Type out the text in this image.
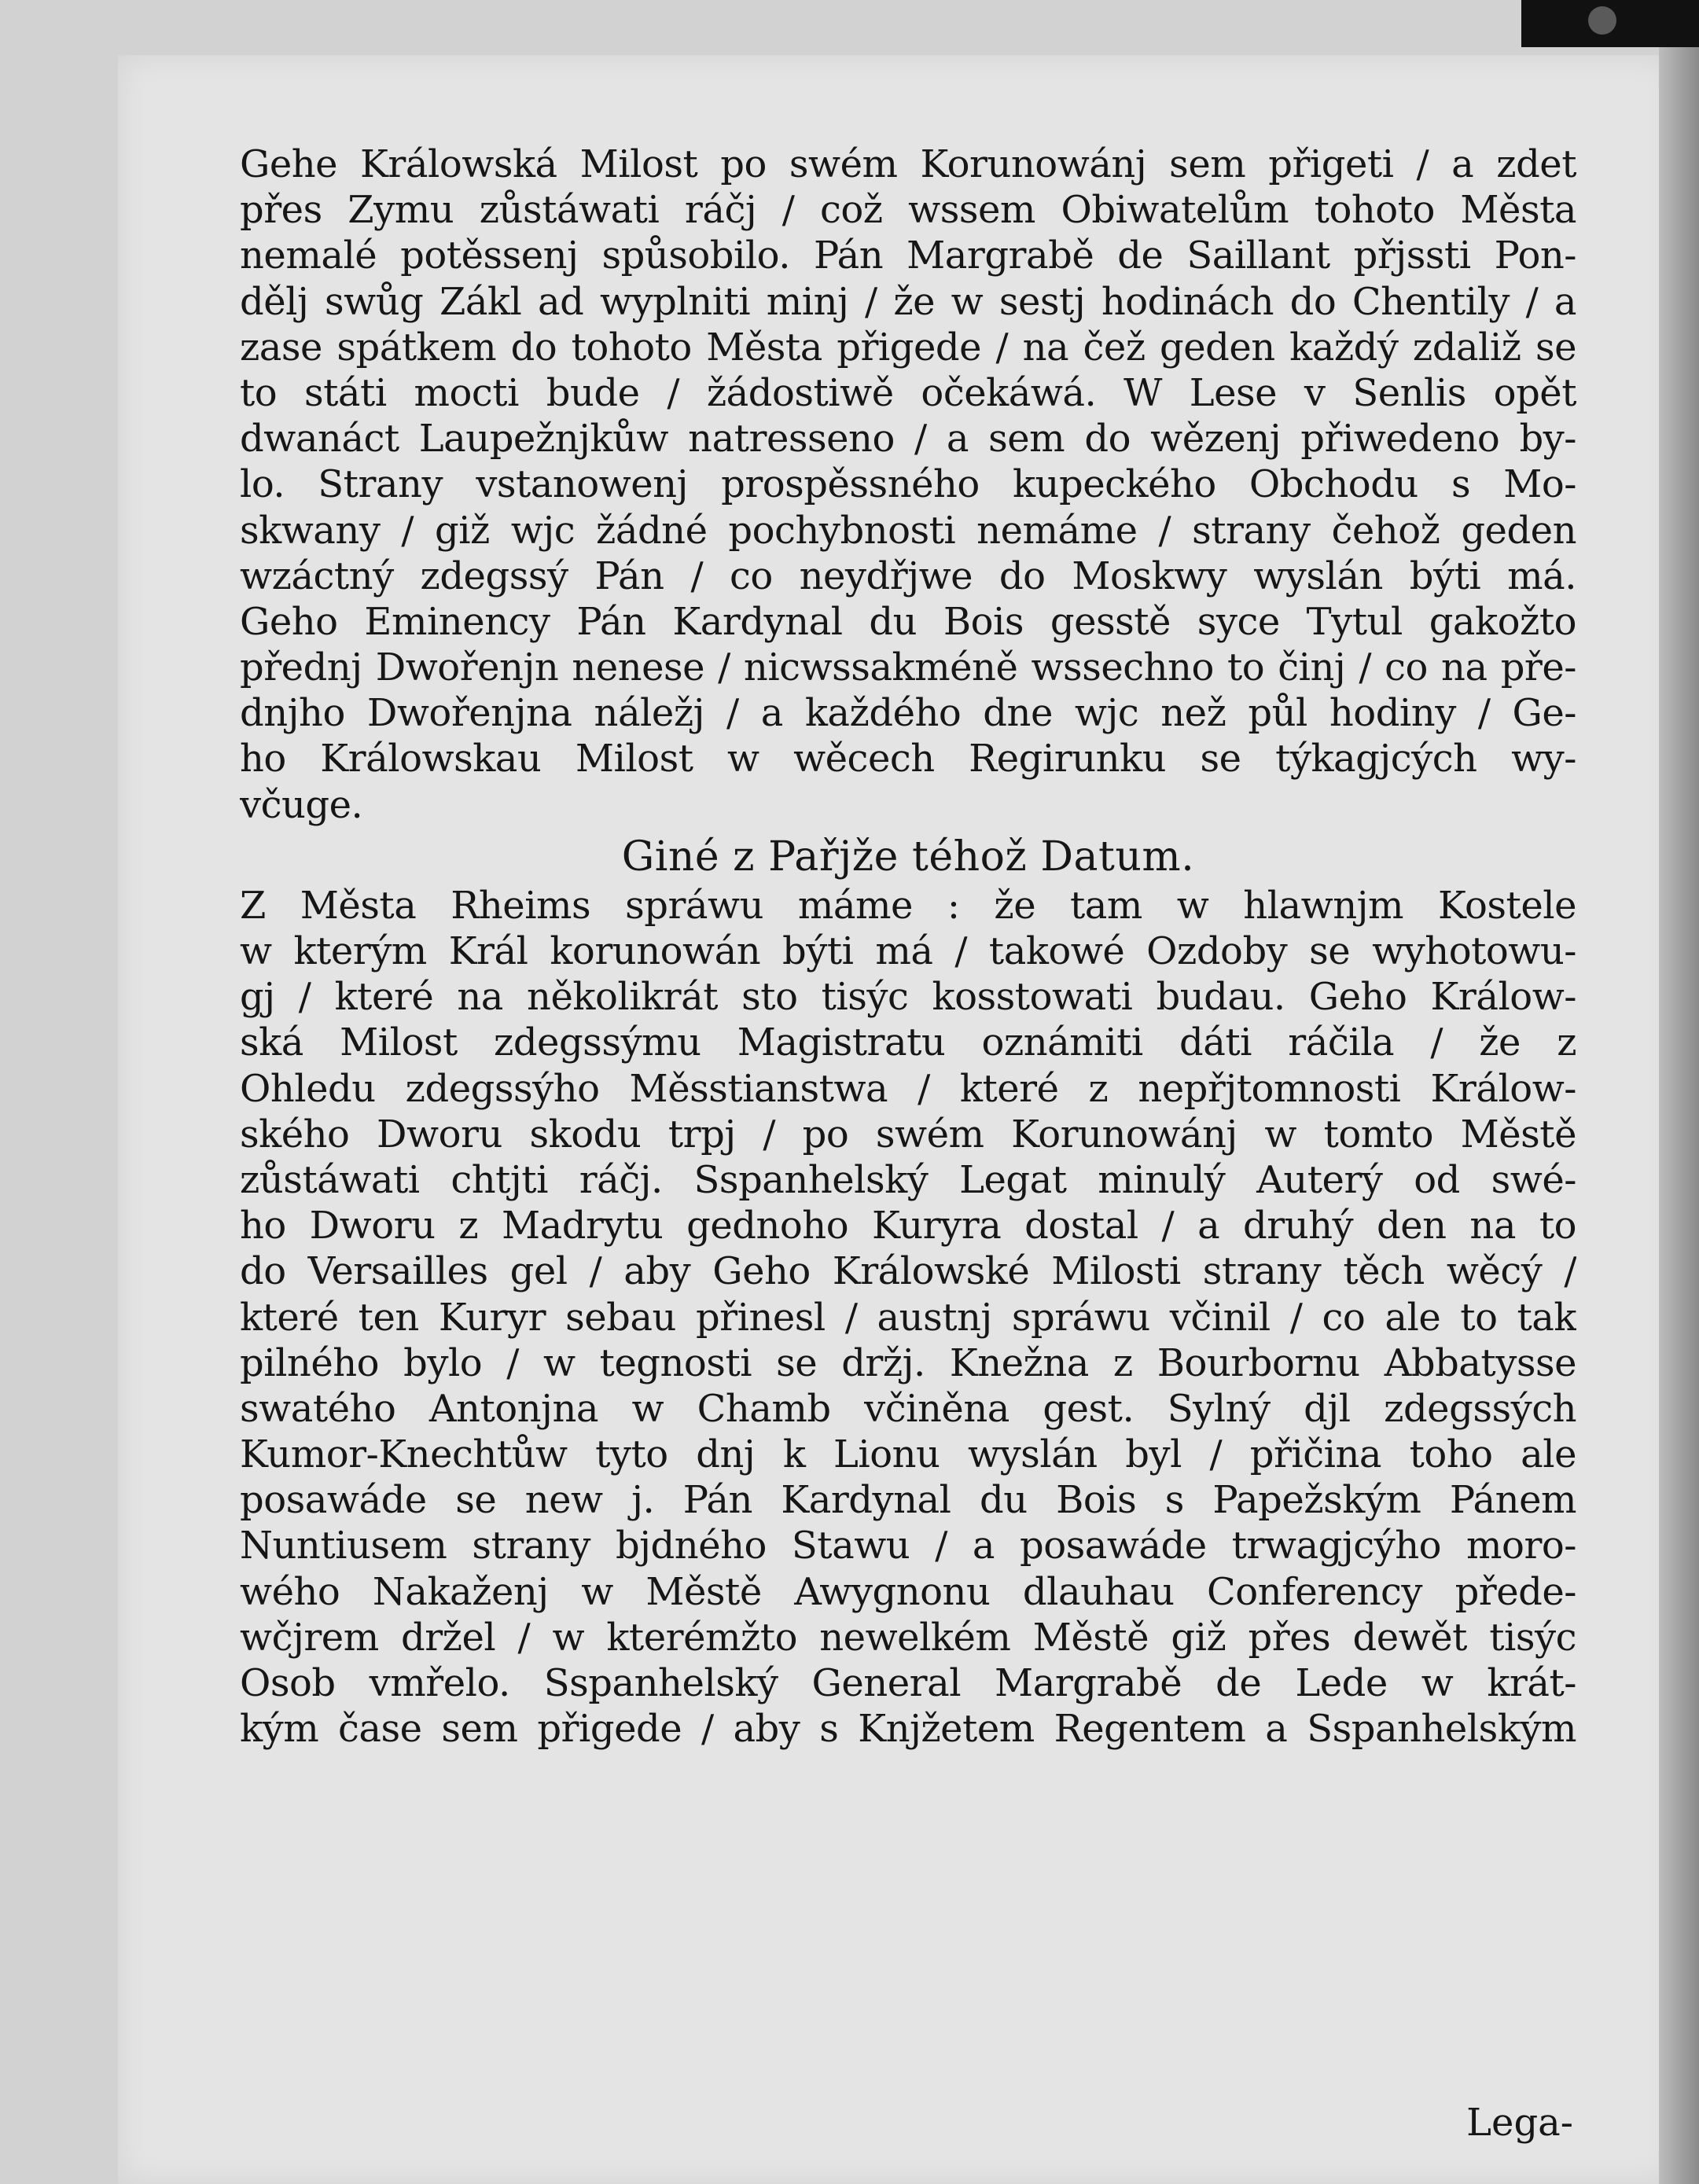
Gehe Králowská Milost po swém Korunowánj sem přigeti / a zdet
přes Zymu zůstáwati ráčj / což wssem Obiwatelům tohoto Města
nemalé potěssenj spůsobilo. Pán Margrabě de Saillant přjssti Pon-
dělj swůg Zákl ad wyplniti minj / že w sestj hodinách do Chentily / a
zase spátkem do tohoto Města přigede / na čež geden každý zdaliž se
to státi mocti bude / žádostiwě očekáwá. W Lese v Senlis opět
dwanáct Laupežnjkůw natressenо / a sem do wězenj přiwedeno by-
lo. Strany vstanowenj prospěssného kupeckého Obchodu s Mo-
skwany / giž wjc žádné pochybnosti nemáme / strany čehož geden
wzáctný zdegssý Pán / co neydřjwe do Moskwy wyslán býti má.
Geho Eminency Pán Kardynal du Bois gesstě syce Tytul gakožto
přednj Dwořenjn nenese / nicwssakméně wssechno to činj / co na pře-
dnjho Dwořenjna náležj / a každého dne wjc než půl hodiny / Ge-
ho Králowskau Milost w wěcech Regirunku se týkagjcých wy-
včuge.
Giné z Pařjže téhož Datum.
Z Města Rheims spráwu máme : že tam w hlawnjm Kostele
w kterým Král korunowán býti má / takowé Ozdoby se wyhotowu-
gj / které na několikrát sto tisýc kosstowati budau. Geho Králow-
ská Milost zdegssýmu Magistratu oznámiti dáti ráčila / že z
Ohledu zdegssýho Měsstianstwa / které z nepřjtomnosti Králow-
ského Dworu skodu trpj / po swém Korunowánj w tomto Městě
zůstáwati chtjti ráčj. Sspanhelský Legat minulý Auterý od swé-
ho Dworu z Madrytu gednoho Kuryra dostal / a druhý den na to
do Versailles gel / aby Geho Králowské Milosti strany těch wěcý /
které ten Kuryr sebau přinesl / austnj spráwu včinil / co ale to tak
pilného bylo / w tegnosti se držj. Knežna z Bourbornu Abbatysse
swatého Antonjna w Chamb včiněna gest. Sylný djl zdegssých
Kumor-Knechtůw tyto dnj k Lionu wyslán byl / přičina toho ale
posawáde se new j. Pán Kardynal du Bois s Papežským Pánem
Nuntiusem strany bjdného Stawu / a posawáde trwagjcýho moro-
wého Nakaženj w Městě Awygnonu dlauhau Conferency přede-
wčjrem držel / w kterémžto newelkém Městě giž přes dewět tisýc
Osob vmřelo. Sspanhelský General Margrabě de Lede w krát-
kým čase sem přigede / aby s Knjžetem Regentem a Sspanhelským
Lega-
